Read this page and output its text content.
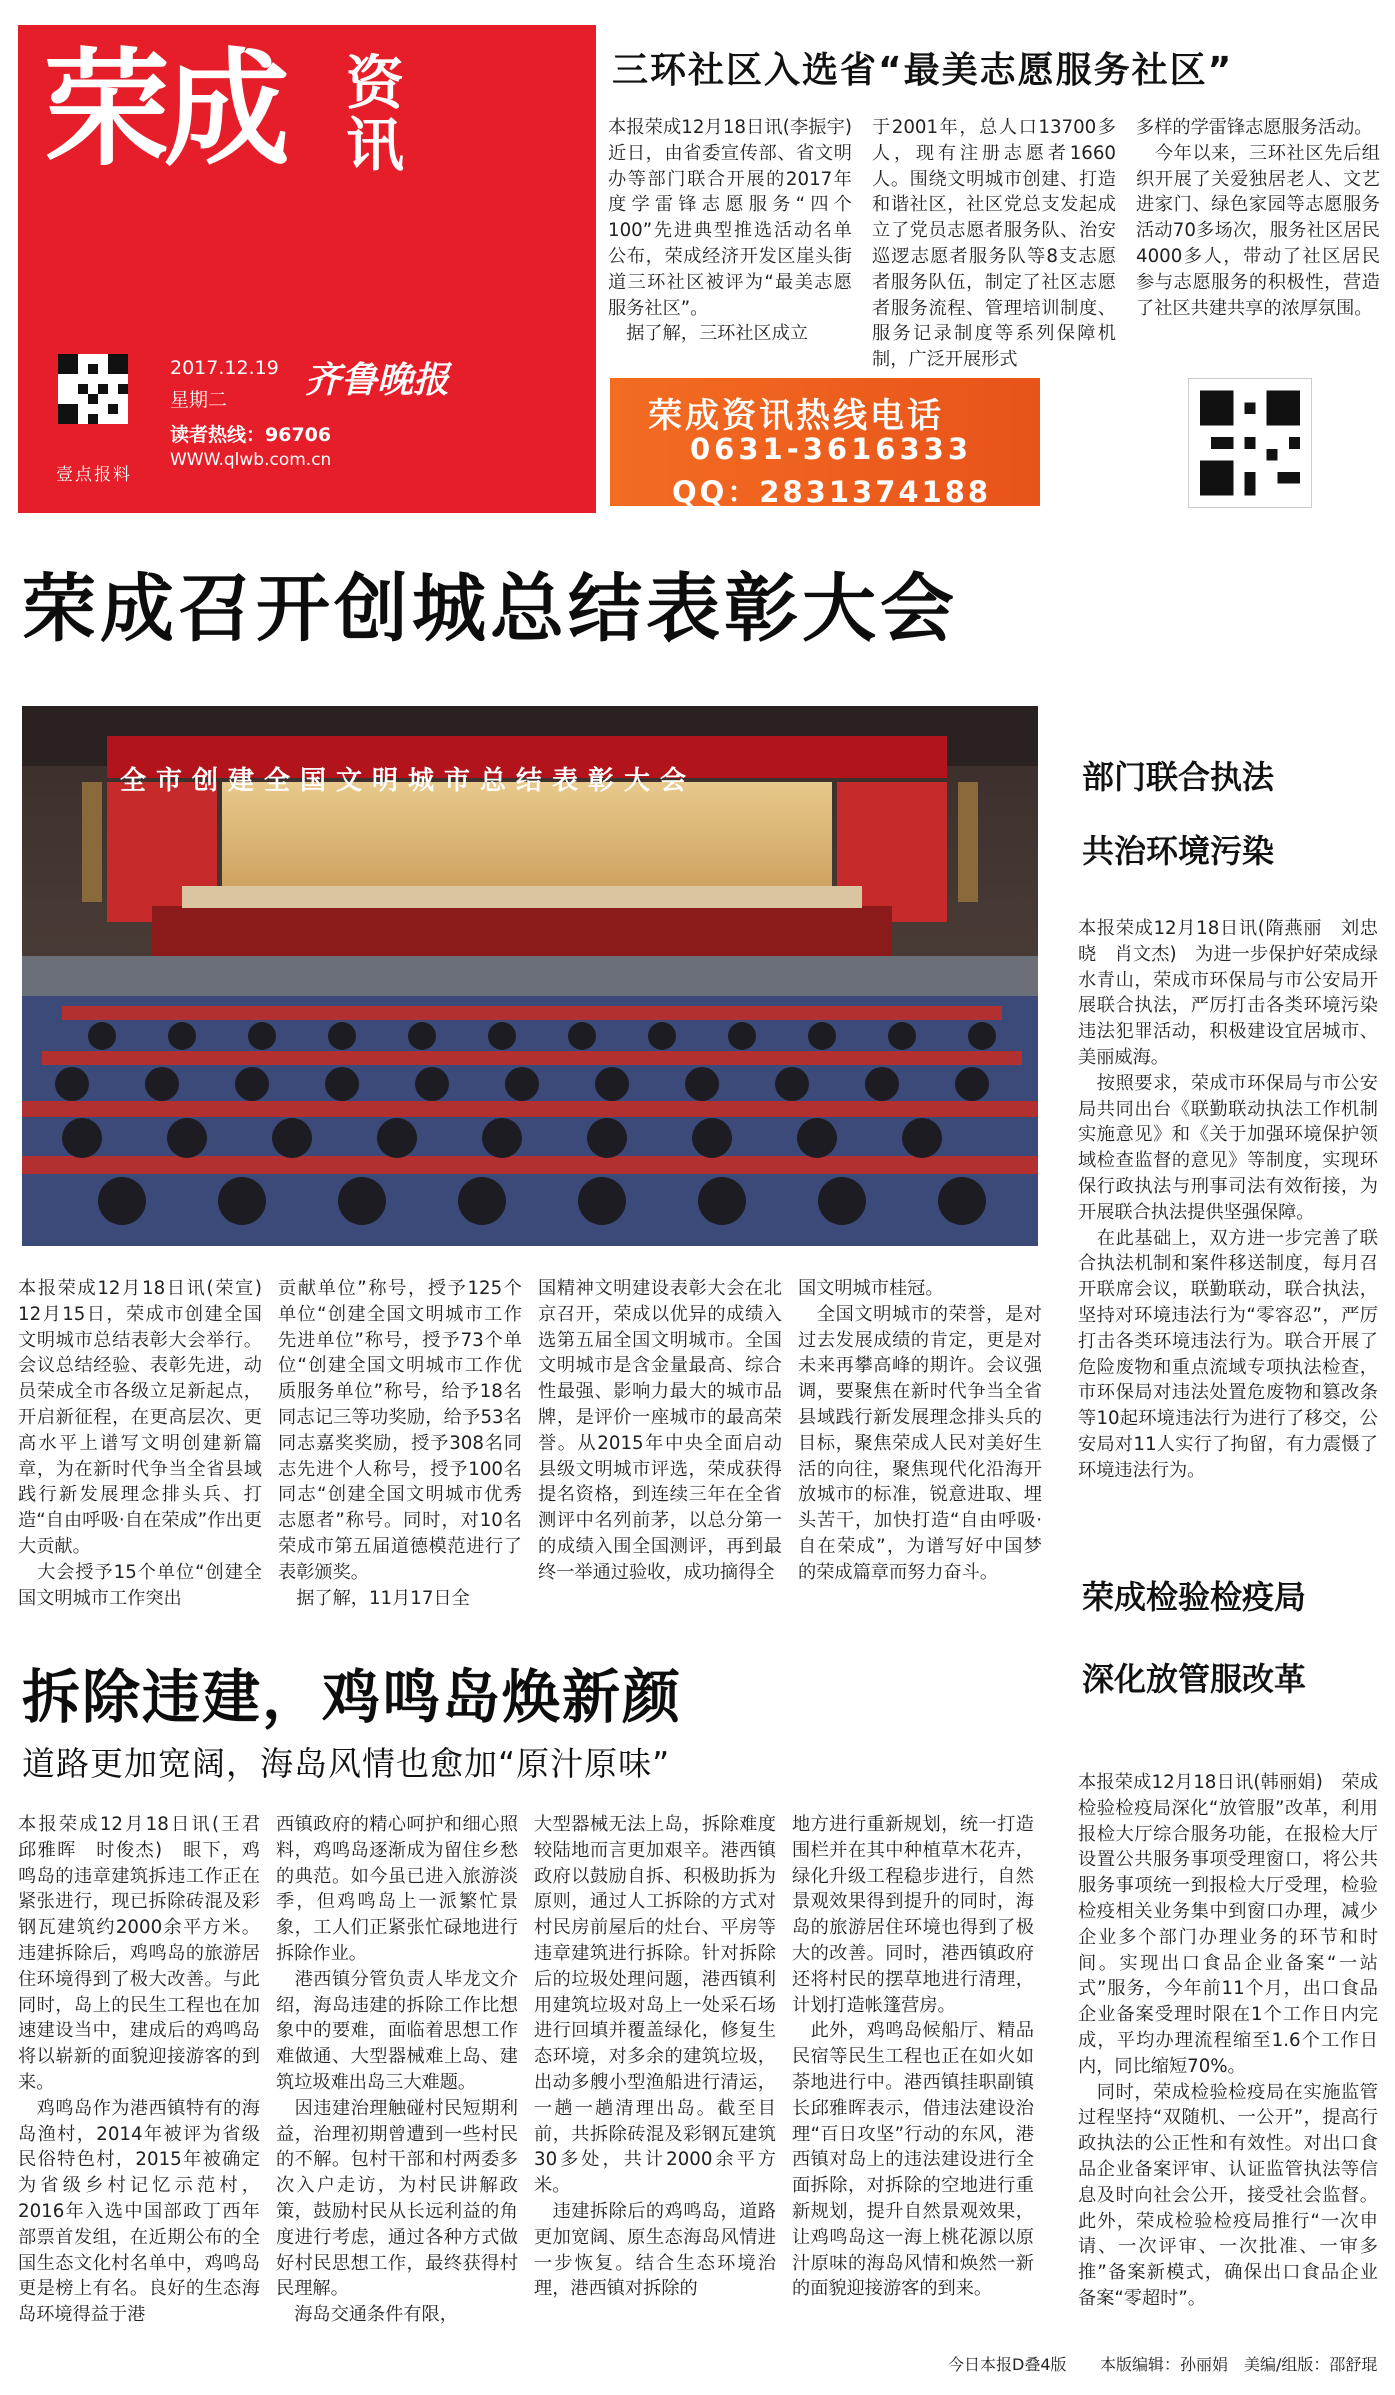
荣成 资讯
壹点报料
2017.12.19
星期二
读者热线：96706
WWW.qlwb.com.cn
齐鲁晚报
三环社区入选省“最美志愿服务社区”
本报荣成12月18日讯(李振宇)　近日，由省委宣传部、省文明办等部门联合开展的2017年度学雷锋志愿服务“四个100”先进典型推选活动名单公布，荣成经济开发区崖头街道三环社区被评为“最美志愿服务社区”。
　据了解，三环社区成立
于2001年，总人口13700多人，现有注册志愿者1660人。围绕文明城市创建、打造和谐社区，社区党总支发起成立了党员志愿者服务队、治安巡逻志愿者服务队等8支志愿者服务队伍，制定了社区志愿者服务流程、管理培训制度、服务记录制度等系列保障机制，广泛开展形式
多样的学雷锋志愿服务活动。
　今年以来，三环社区先后组织开展了关爱独居老人、文艺进家门、绿色家园等志愿服务活动70多场次，服务社区居民4000多人，带动了社区居民参与志愿服务的积极性，营造了社区共建共享的浓厚氛围。
荣成资讯热线电话
0631-3616333
QQ：2831374188
荣成召开创城总结表彰大会
全市创建全国文明城市总结表彰大会
本报荣成12月18日讯(荣宣)　12月15日，荣成市创建全国文明城市总结表彰大会举行。会议总结经验、表彰先进，动员荣成全市各级立足新起点，开启新征程，在更高层次、更高水平上谱写文明创建新篇章，为在新时代争当全省县域践行新发展理念排头兵、打造“自由呼吸·自在荣成”作出更大贡献。
　大会授予15个单位“创建全国文明城市工作突出
贡献单位”称号，授予125个单位“创建全国文明城市工作先进单位”称号，授予73个单位“创建全国文明城市工作优质服务单位”称号，给予18名同志记三等功奖励，给予53名同志嘉奖奖励，授予308名同志先进个人称号，授予100名同志“创建全国文明城市优秀志愿者”称号。同时，对10名荣成市第五届道德模范进行了表彰颁奖。
　据了解，11月17日全
国精神文明建设表彰大会在北京召开，荣成以优异的成绩入选第五届全国文明城市。全国文明城市是含金量最高、综合性最强、影响力最大的城市品牌，是评价一座城市的最高荣誉。从2015年中央全面启动县级文明城市评选，荣成获得提名资格，到连续三年在全省测评中名列前茅，以总分第一的成绩入围全国测评，再到最终一举通过验收，成功摘得全
国文明城市桂冠。
　全国文明城市的荣誉，是对过去发展成绩的肯定，更是对未来再攀高峰的期许。会议强调，要聚焦在新时代争当全省县域践行新发展理念排头兵的目标，聚焦荣成人民对美好生活的向往，聚焦现代化沿海开放城市的标准，锐意进取、埋头苦干，加快打造“自由呼吸·自在荣成”，为谱写好中国梦的荣成篇章而努力奋斗。
部门联合执法
共治环境污染
本报荣成12月18日讯(隋燕丽　刘忠晓　肖文杰)　为进一步保护好荣成绿水青山，荣成市环保局与市公安局开展联合执法，严厉打击各类环境污染违法犯罪活动，积极建设宜居城市、美丽威海。
　按照要求，荣成市环保局与市公安局共同出台《联勤联动执法工作机制实施意见》和《关于加强环境保护领域检查监督的意见》等制度，实现环保行政执法与刑事司法有效衔接，为开展联合执法提供坚强保障。
　在此基础上，双方进一步完善了联合执法机制和案件移送制度，每月召开联席会议，联勤联动，联合执法，坚持对环境违法行为“零容忍”，严厉打击各类环境违法行为。联合开展了危险废物和重点流域专项执法检查，市环保局对违法处置危废物和篡改条等10起环境违法行为进行了移交，公安局对11人实行了拘留，有力震慑了环境违法行为。
荣成检验检疫局
深化放管服改革
本报荣成12月18日讯(韩丽娟)　荣成检验检疫局深化“放管服”改革，利用报检大厅综合服务功能，在报检大厅设置公共服务事项受理窗口，将公共服务事项统一到报检大厅受理，检验检疫相关业务集中到窗口办理，减少企业多个部门办理业务的环节和时间。实现出口食品企业备案“一站式”服务，今年前11个月，出口食品企业备案受理时限在1个工作日内完成，平均办理流程缩至1.6个工作日内，同比缩短70%。
　同时，荣成检验检疫局在实施监管过程坚持“双随机、一公开”，提高行政执法的公正性和有效性。对出口食品企业备案评审、认证监管执法等信息及时向社会公开，接受社会监督。此外，荣成检验检疫局推行“一次申请、一次评审、一次批准、一审多推”备案新模式，确保出口食品企业备案“零超时”。
拆除违建，鸡鸣岛焕新颜
道路更加宽阔，海岛风情也愈加“原汁原味”
本报荣成12月18日讯(王君　邱雅晖　时俊杰)　眼下，鸡鸣岛的违章建筑拆违工作正在紧张进行，现已拆除砖混及彩钢瓦建筑约2000余平方米。违建拆除后，鸡鸣岛的旅游居住环境得到了极大改善。与此同时，岛上的民生工程也在加速建设当中，建成后的鸡鸣岛将以崭新的面貌迎接游客的到来。
　鸡鸣岛作为港西镇特有的海岛渔村，2014年被评为省级民俗特色村，2015年被确定为省级乡村记忆示范村，2016年入选中国部政丁西年部票首发组，在近期公布的全国生态文化村名单中，鸡鸣岛更是榜上有名。良好的生态海岛环境得益于港
西镇政府的精心呵护和细心照料，鸡鸣岛逐渐成为留住乡愁的典范。如今虽已进入旅游淡季，但鸡鸣岛上一派繁忙景象，工人们正紧张忙碌地进行拆除作业。
　港西镇分管负责人毕龙文介绍，海岛违建的拆除工作比想象中的要难，面临着思想工作难做通、大型器械难上岛、建筑垃圾难出岛三大难题。
　因违建治理触碰村民短期利益，治理初期曾遭到一些村民的不解。包村干部和村两委多次入户走访，为村民讲解政策，鼓励村民从长远利益的角度进行考虑，通过各种方式做好村民思想工作，最终获得村民理解。
　海岛交通条件有限，
大型器械无法上岛，拆除难度较陆地而言更加艰辛。港西镇政府以鼓励自拆、积极助拆为原则，通过人工拆除的方式对村民房前屋后的灶台、平房等违章建筑进行拆除。针对拆除后的垃圾处理问题，港西镇利用建筑垃圾对岛上一处采石场进行回填并覆盖绿化，修复生态环境，对多余的建筑垃圾，出动多艘小型渔船进行清运，一趟一趟清理出岛。截至目前，共拆除砖混及彩钢瓦建筑30多处，共计2000余平方米。
　违建拆除后的鸡鸣岛，道路更加宽阔、原生态海岛风情进一步恢复。结合生态环境治理，港西镇对拆除的
地方进行重新规划，统一打造围栏并在其中种植草木花卉，绿化升级工程稳步进行，自然景观效果得到提升的同时，海岛的旅游居住环境也得到了极大的改善。同时，港西镇政府还将村民的摆草地进行清理，计划打造帐篷营房。
　此外，鸡鸣岛候船厅、精品民宿等民生工程也正在如火如荼地进行中。港西镇挂职副镇长邱雅晖表示，借违法建设治理“百日攻坚”行动的东风，港西镇对岛上的违法建设进行全面拆除，对拆除的空地进行重新规划，提升自然景观效果，让鸡鸣岛这一海上桃花源以原汁原味的海岛风情和焕然一新的面貌迎接游客的到来。
今日本报D叠4版 本版编辑：孙丽娟　美编/组版：邵舒琨
